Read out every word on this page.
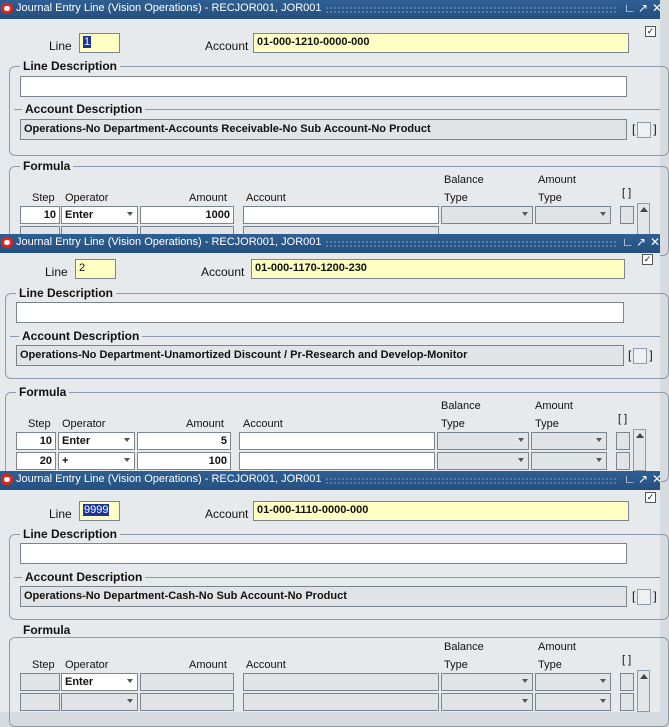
Journal Entry Line (Vision Operations) - RECJOR001, JOR001	∟ ↗ ✕
✓
Line	1	Account 01-000-1210-0000-000
Line Description
Account Description
Operations-No Department-Accounts Receivable-No Sub Account-No Product	[ ]
Formula
Balance	Amount
Step Operator	Amount Account	Type	Type	[ ]
10 Enter	1000
Journal Entry Line (Vision Operations) - RECJOR001, JOR001	∟ ↗ ✕
✓
Line	2	Account 01-000-1170-1200-230
Line Description
Account Description
Operations-No Department-Unamortized Discount / Pr-Research and Develop-Monitor	[ ]
Formula
Balance	Amount
Step Operator	Amount Account	Type	Type	[ ]
10 Enter	5
20 +	100
Journal Entry Line (Vision Operations) - RECJOR001, JOR001	∟ ↗ ✕
✓
Line	9999	Account 01-000-1110-0000-000
Line Description
Account Description
Operations-No Department-Cash-No Sub Account-No Product	[ ]
Formula
Balance	Amount
Step Operator	Amount Account	Type	Type	[ ]
Enter
